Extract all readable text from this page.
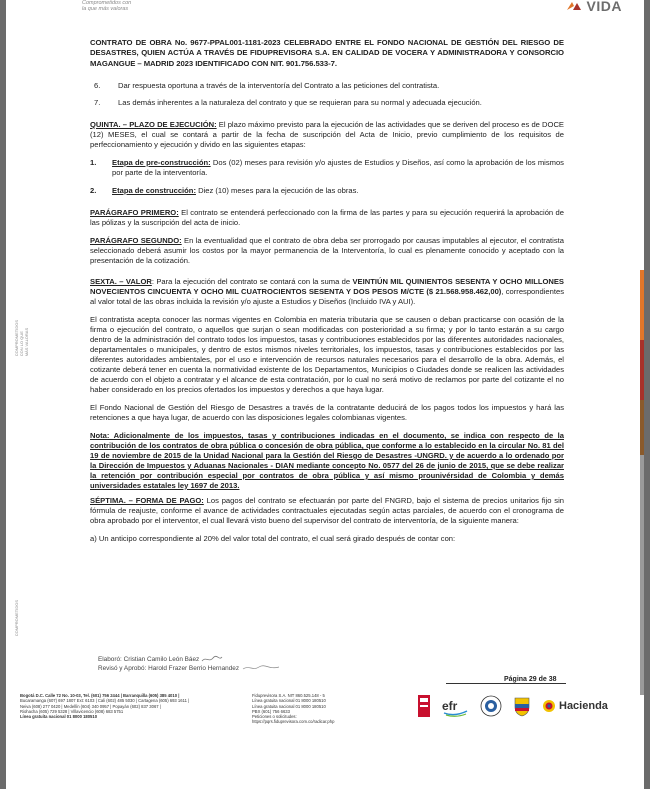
Comprometidos con
la que más valoras	VIDA
COMPROMETIDOS CON LO QUE MÁS VALORAS
COMPROMETIDOS

CONTRATO DE OBRA No. 9677-PPAL001-1181-2023 CELEBRADO ENTRE EL FONDO NACIONAL DE GESTIÓN DEL RIESGO DE DESASTRES, QUIEN ACTÚA A TRAVÉS DE FIDUPREVISORA S.A. EN CALIDAD DE VOCERA Y ADMINISTRADORA Y CONSORCIO MAGANGUE – MADRID 2023 IDENTIFICADO CON NIT. 901.756.533-7.

6.	Dar respuesta oportuna a través de la interventoría del Contrato a las peticiones del contratista.
7.	Las demás inherentes a la naturaleza del contrato y que se requieran para su normal y adecuada ejecución.

QUINTA. – PLAZO DE EJECUCIÓN: El plazo máximo previsto para la ejecución de las actividades que se deriven del proceso es de DOCE (12) MESES, el cual se contará a partir de la fecha de suscripción del Acta de Inicio, previo cumplimiento de los requisitos de perfeccionamiento y ejecución y divido en las siguientes etapas:

1.	Etapa de pre-construcción: Dos (02) meses para revisión y/o ajustes de Estudios y Diseños, así como la aprobación de los mismos por parte de la interventoría.
2.	Etapa de construcción: Diez (10) meses para la ejecución de las obras.

PARÁGRAFO PRIMERO: El contrato se entenderá perfeccionado con la firma de las partes y para su ejecución requerirá la aprobación de las pólizas y la suscripción del acta de inicio.

PARÁGRAFO SEGUNDO: En la eventualidad que el contrato de obra deba ser prorrogado por causas imputables al ejecutor, el contratista seleccionado deberá asumir los costos por la mayor permanencia de la Interventoría, lo cual es plenamente conocido y aceptado con la presentación de la cotización.

SEXTA. – VALOR: Para la ejecución del contrato se contará con la suma de VEINTIÚN MIL QUINIENTOS SESENTA Y OCHO MILLONES NOVECIENTOS CINCUENTA Y OCHO MIL CUATROCIENTOS SESENTA Y DOS PESOS M/CTE ($ 21.568.958.462,00), correspondientes al valor total de las obras incluida la revisión y/o ajuste a Estudios y Diseños (Incluido IVA y AUI).

El contratista acepta conocer las normas vigentes en Colombia en materia tributaria que se causen o deban practicarse con ocasión de la firma o ejecución del contrato, o aquellos que surjan o sean modificadas con posterioridad a su firma; y por lo tanto estarán a su cargo dentro de la administración del contrato todos los impuestos, tasas y contribuciones establecidos por las diferentes autoridades nacionales, departamentales o municipales, y dentro de estos mismos niveles territoriales, los impuestos, tasas y contribuciones establecidos por las diferentes autoridades ambientales, por el uso e intervención de recursos naturales necesarios para el desarrollo de la obra. Además, el cotizante deberá tener en cuenta la normatividad existente de los Departamentos, Municipios o Ciudades donde se realicen las actividades de acuerdo con el objeto a contratar y el alcance de esta contratación, por lo cual no será motivo de reclamos por parte del cotizante el no haber considerado en los precios ofertados los impuestos y derechos a que haya lugar.

El Fondo Nacional de Gestión del Riesgo de Desastres a través de la contratante deducirá de los pagos todos los impuestos y hará las retenciones a que haya lugar, de acuerdo con las disposiciones legales colombianas vigentes.

Nota: Adicionalmente de los impuestos, tasas y contribuciones indicadas en el documento, se indica con respecto de la contribución de los contratos de obra pública o concesión de obra pública, que conforme a lo establecido en la circular No. 81 del 19 de noviembre de 2015 de la Unidad Nacional para la Gestión del Riesgo de Desastres -UNGRD. y de acuerdo a lo ordenado por la Dirección de Impuestos y Aduanas Nacionales - DIAN mediante concepto No. 0577 del 26 de junio de 2015, que se debe realizar la retención por contribución especial por contratos de obra pública y así mismo prounivérsidad de Colombia y demás universidades estatales ley 1697 de 2013.

SÉPTIMA. – FORMA DE PAGO: Los pagos del contrato se efectuarán por parte del FNGRD, bajo el sistema de precios unitarios fijo sin fórmula de reajuste, conforme el avance de actividades contractuales ejecutadas según actas parciales, de acuerdo con el cronograma de obra aprobado por el interventor, el cual llevará visto bueno del supervisor del contrato de interventoría, de la siguiente manera:

a) Un anticipo correspondiente al 20% del valor total del contrato, el cual será girado después de contar con:

Elaboró: Cristian Camilo León Báez
Revisó y Aprobó: Harold Frazer Berrio Hernandez
Página 29 de 38
Bogotá D.C. Calle 72 No. 10-03, Tel. (601) 756 2444 | Barranquilla (605) 385 4010 |
Bucaramanga (607) 697 1807 Ext: 6103 | Cali (602) 485 5030 | Cartagena (605) 693 1611 |
Neiva (608) 277 0420 | Medellín (604) 340 0957 | Popayán (602) 837 3067 |
Riohacha (605) 729 5328 | Villavicencio (608) 683 5751
Línea gratuita nacional 01 8000 180510
Fiduprevisora S.A. NIT 860.525.148 - 5
Línea gratuita nacional 01 8000 180510
Línea gratuita nacional 01 8000 180510
PBX (601) 756 6633
Peticiones o solicitudes:
https://pqrs.fiduprevisora.com.co/radicar.php
efr	Hacienda
